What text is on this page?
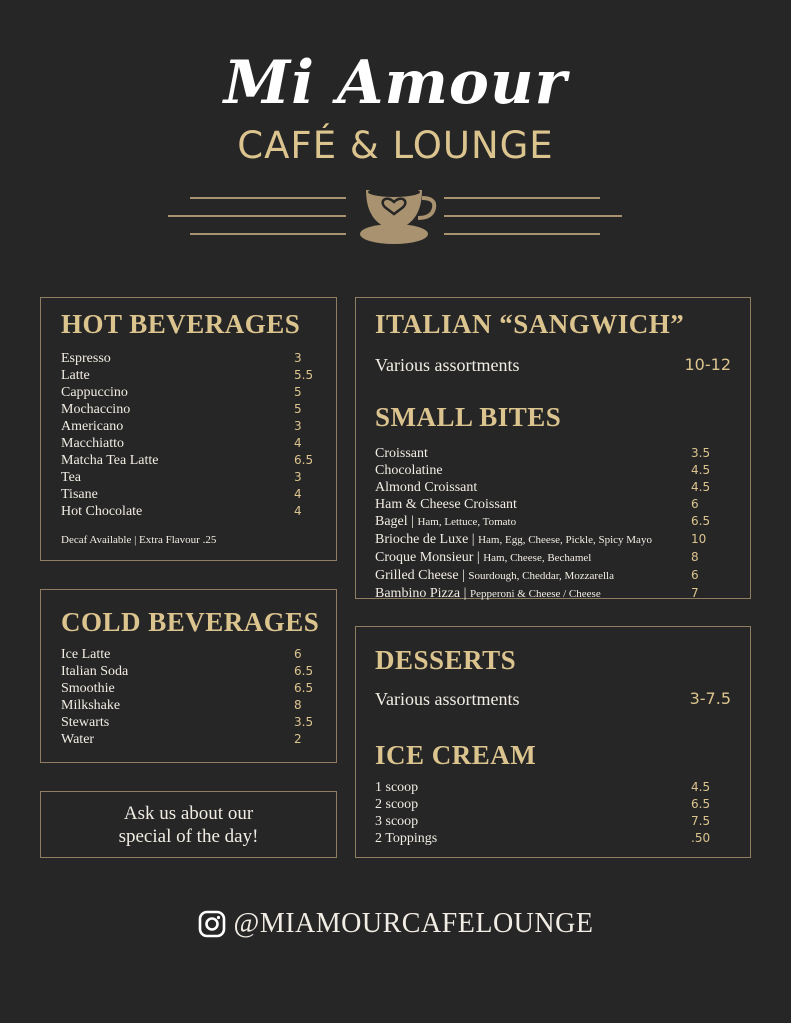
Mi Amour
CAFÉ & LOUNGE
HOT BEVERAGES
Espresso	3
Latte	5.5
Cappuccino	5
Mochaccino	5
Americano	3
Macchiatto	4
Matcha Tea Latte	6.5
Tea	3
Tisane	4
Hot Chocolate	4
Decaf Available | Extra Flavour .25
COLD BEVERAGES
Ice Latte	6
Italian Soda	6.5
Smoothie	6.5
Milkshake	8
Stewarts	3.5
Water	2
Ask us about our
special of the day!
ITALIAN “SANGWICH”
Various assortments	10-12
SMALL BITES
Croissant	3.5
Chocolatine	4.5
Almond Croissant	4.5
Ham & Cheese Croissant	6
Bagel | Ham, Lettuce, Tomato	6.5
Brioche de Luxe | Ham, Egg, Cheese, Pickle, Spicy Mayo	10
Croque Monsieur | Ham, Cheese, Bechamel	8
Grilled Cheese | Sourdough, Cheddar, Mozzarella	6
Bambino Pizza | Pepperoni & Cheese / Cheese	7
DESSERTS
Various assortments	3-7.5
ICE CREAM
1 scoop	4.5
2 scoop	6.5
3 scoop	7.5
2 Toppings	.50
@MIAMOURCAFELOUNGE
